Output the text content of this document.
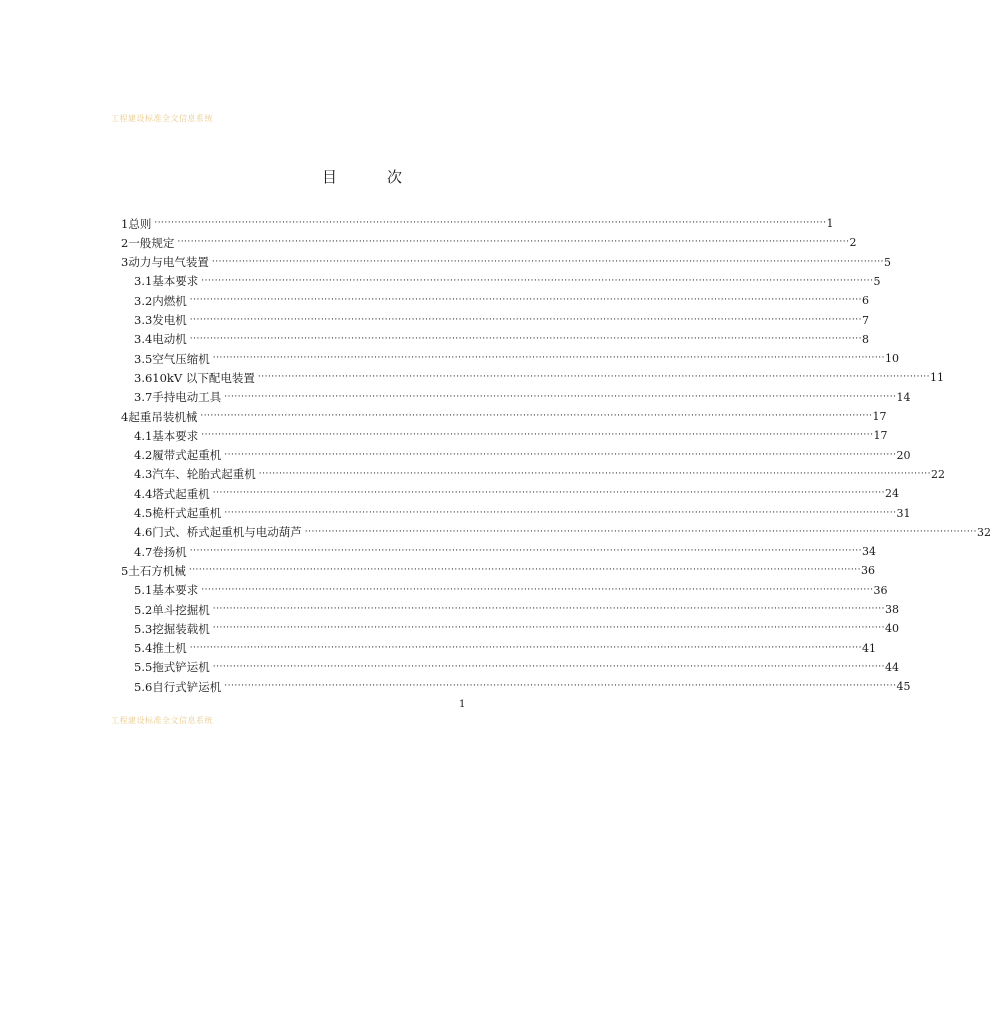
工程建设标准全文信息系统
目	次
1 总则 ········································································································································································································ 1
2 一般规定 ········································································································································································································ 2
3 动力与电气装置 ········································································································································································································ 5
3.1 基本要求 ········································································································································································································ 5
3.2 内燃机 ········································································································································································································ 6
3.3 发电机 ········································································································································································································ 7
3.4 电动机 ········································································································································································································ 8
3.5 空气压缩机 ········································································································································································································ 10
3.6 10kV 以下配电装置 ········································································································································································································ 11
3.7 手持电动工具 ········································································································································································································ 14
4 起重吊装机械 ········································································································································································································ 17
4.1 基本要求 ········································································································································································································ 17
4.2 履带式起重机 ········································································································································································································ 20
4.3 汽车、轮胎式起重机 ········································································································································································································ 22
4.4 塔式起重机 ········································································································································································································ 24
4.5 桅杆式起重机 ········································································································································································································ 31
4.6 门式、桥式起重机与电动葫芦 ········································································································································································································ 32
4.7 卷扬机 ········································································································································································································ 34
5 土石方机械 ········································································································································································································ 36
5.1 基本要求 ········································································································································································································ 36
5.2 单斗挖掘机 ········································································································································································································ 38
5.3 挖掘装载机 ········································································································································································································ 40
5.4 推土机 ········································································································································································································ 41
5.5 拖式铲运机 ········································································································································································································ 44
5.6 自行式铲运机 ········································································································································································································ 45
1
工程建设标准全文信息系统
